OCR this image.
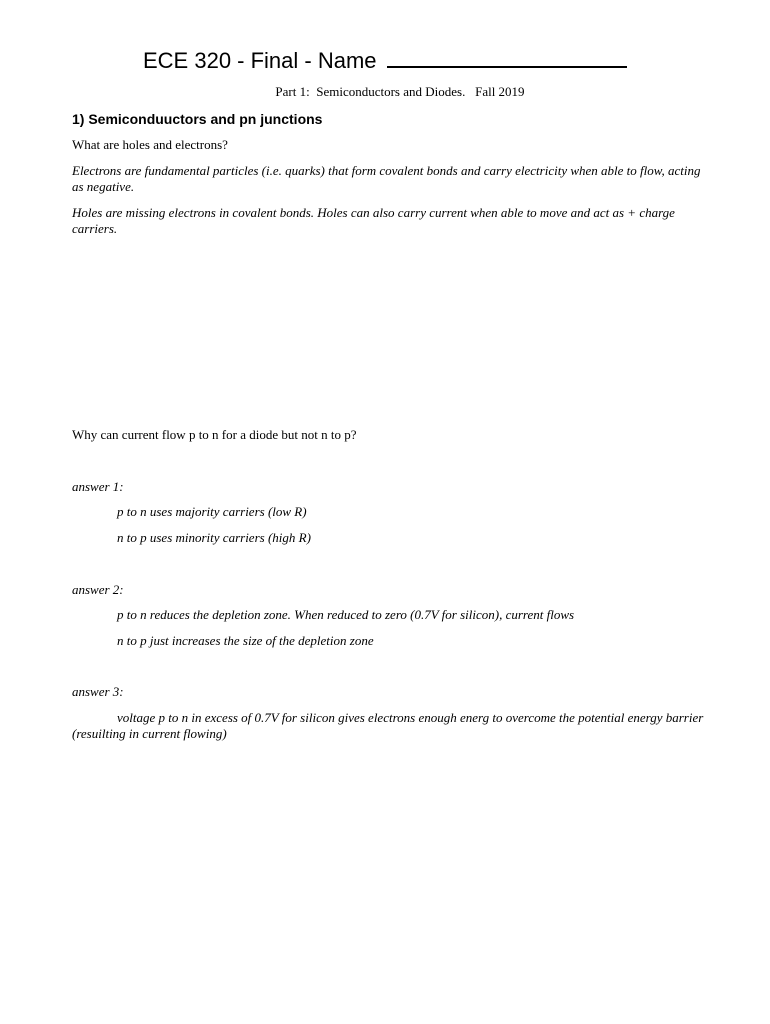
ECE 320 - Final - Name
Part 1:  Semiconductors and Diodes.   Fall 2019
1) Semiconduuctors and pn junctions
What are holes and electrons?
Electrons are fundamental particles (i.e. quarks) that form covalent bonds and carry electricity when able to flow, acting as negative.
Holes are missing electrons in covalent bonds. Holes can also carry current when able to move and act as + charge carriers.
Why can current flow p to n for a diode but not n to p?
answer 1:
p to n uses majority carriers (low R)
n to p uses minority carriers (high R)
answer 2:
p to n reduces the depletion zone. When reduced to zero (0.7V for silicon), current flows
n to p just increases the size of the depletion zone
answer 3:
voltage p to n in excess of 0.7V for silicon gives electrons enough energ to overcome the potential energy barrier (resuilting in current flowing)
